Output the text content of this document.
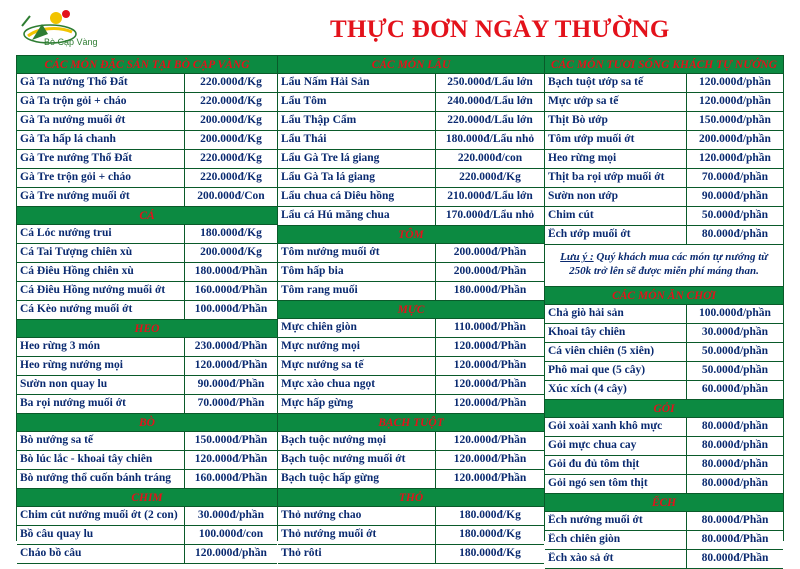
Bò Cạp Vàng	THỰC ĐƠN NGÀY THƯỜNG
CÁC MÓN ĐẶC SẢN TẠI BÒ CẠP VÀNG
Gà Ta nướng Thổ Đất	220.000đ/Kg
Gà Ta trộn gỏi + cháo	220.000đ/Kg
Gà Ta nướng muối ớt	200.000đ/Kg
Gà Ta hấp lá chanh	200.000đ/Kg
Gà Tre nướng Thổ Đất	220.000đ/Kg
Gà Tre trộn gỏi + cháo	220.000đ/Kg
Gà Tre nướng muối ớt	200.000đ/Con
CÁ
Cá Lóc nướng trui	180.000đ/Kg
Cá Tai Tượng chiên xù	200.000đ/Kg
Cá Điêu Hồng chiên xù	180.000đ/Phần
Cá Điêu Hồng nướng muối ớt	160.000đ/Phần
Cá Kèo nướng muối ớt	100.000đ/Phần
HEO
Heo rừng 3 món	230.000đ/Phần
Heo rừng nướng mọi	120.000đ/Phần
Sườn non quay lu	90.000đ/Phần
Ba rọi nướng muối ớt	70.000đ/Phần
BÒ
Bò nướng sa tế	150.000đ/Phần
Bò lúc lắc - khoai tây chiên	120.000đ/Phần
Bò nướng thổ cuốn bánh tráng	160.000đ/Phần
CHIM
Chim cút nướng muối ớt (2 con)	30.000đ/phần
Bồ câu quay lu	100.000đ/con
Cháo bồ câu	120.000đ/phần
CÁC MÓN LẨU
Lẩu Nấm Hải Sản	250.000đ/Lẩu lớn
Lẩu Tôm	240.000đ/Lẩu lớn
Lẩu Thập Cẩm	220.000đ/Lẩu lớn
Lẩu Thái	180.000đ/Lẩu nhỏ
Lẩu Gà Tre lá giang	220.000đ/con
Lẩu Gà Ta lá giang	220.000đ/Kg
Lẩu chua cá Diêu hồng	210.000đ/Lẩu lớn
Lẩu cá Hú măng chua	170.000đ/Lẩu nhỏ
TÔM
Tôm nướng muối ớt	200.000đ/Phần
Tôm hấp bia	200.000đ/Phần
Tôm rang muối	180.000đ/Phần
MỰC
Mực chiên giòn	110.000đ/Phần
Mực nướng mọi	120.000đ/Phần
Mực nướng sa tế	120.000đ/Phần
Mực xào chua ngọt	120.000đ/Phần
Mực hấp gừng	120.000đ/Phần
BẠCH TUỘT
Bạch tuộc nướng mọi	120.000đ/Phần
Bạch tuộc nướng muối ớt	120.000đ/Phần
Bạch tuộc hấp gừng	120.000đ/Phần
THỎ
Thỏ nướng chao	180.000đ/Kg
Thỏ nướng muối ớt	180.000đ/Kg
Thỏ rôti	180.000đ/Kg
CÁC MÓN TƯƠI SỐNG KHÁCH TỰ NƯỚNG
Bạch tuột ướp sa tế	120.000đ/phần
Mực ướp sa tế	120.000đ/phần
Thịt Bò ướp	150.000đ/phần
Tôm ướp muối ớt	200.000đ/phần
Heo rừng mọi	120.000đ/phần
Thịt ba rọi ướp muối ớt	70.000đ/phần
Sườn non ướp	90.000đ/phần
Chim cút	50.000đ/phần
Ếch ướp muối ớt	80.000đ/phần
Lưu ý : Quý khách mua các món tự nướng từ
250k trở lên sẽ được miễn phí máng than.
CÁC MÓN ĂN CHƠI
Chả giò hải sản	100.000đ/phần
Khoai tây chiên	30.000đ/phần
Cá viên chiên (5 xiên)	50.000đ/phần
Phô mai que (5 cây)	50.000đ/phần
Xúc xích (4 cây)	60.000đ/phần
GỎI
Gỏi xoài xanh khô mực	80.000đ/phần
Gỏi mực chua cay	80.000đ/phần
Gỏi đu đủ tôm thịt	80.000đ/phần
Gỏi ngó sen tôm thịt	80.000đ/phần
ẾCH
Ếch nướng muối ớt	80.000đ/Phần
Ếch chiên giòn	80.000đ/Phần
Ếch xào sả ớt	80.000đ/Phần
